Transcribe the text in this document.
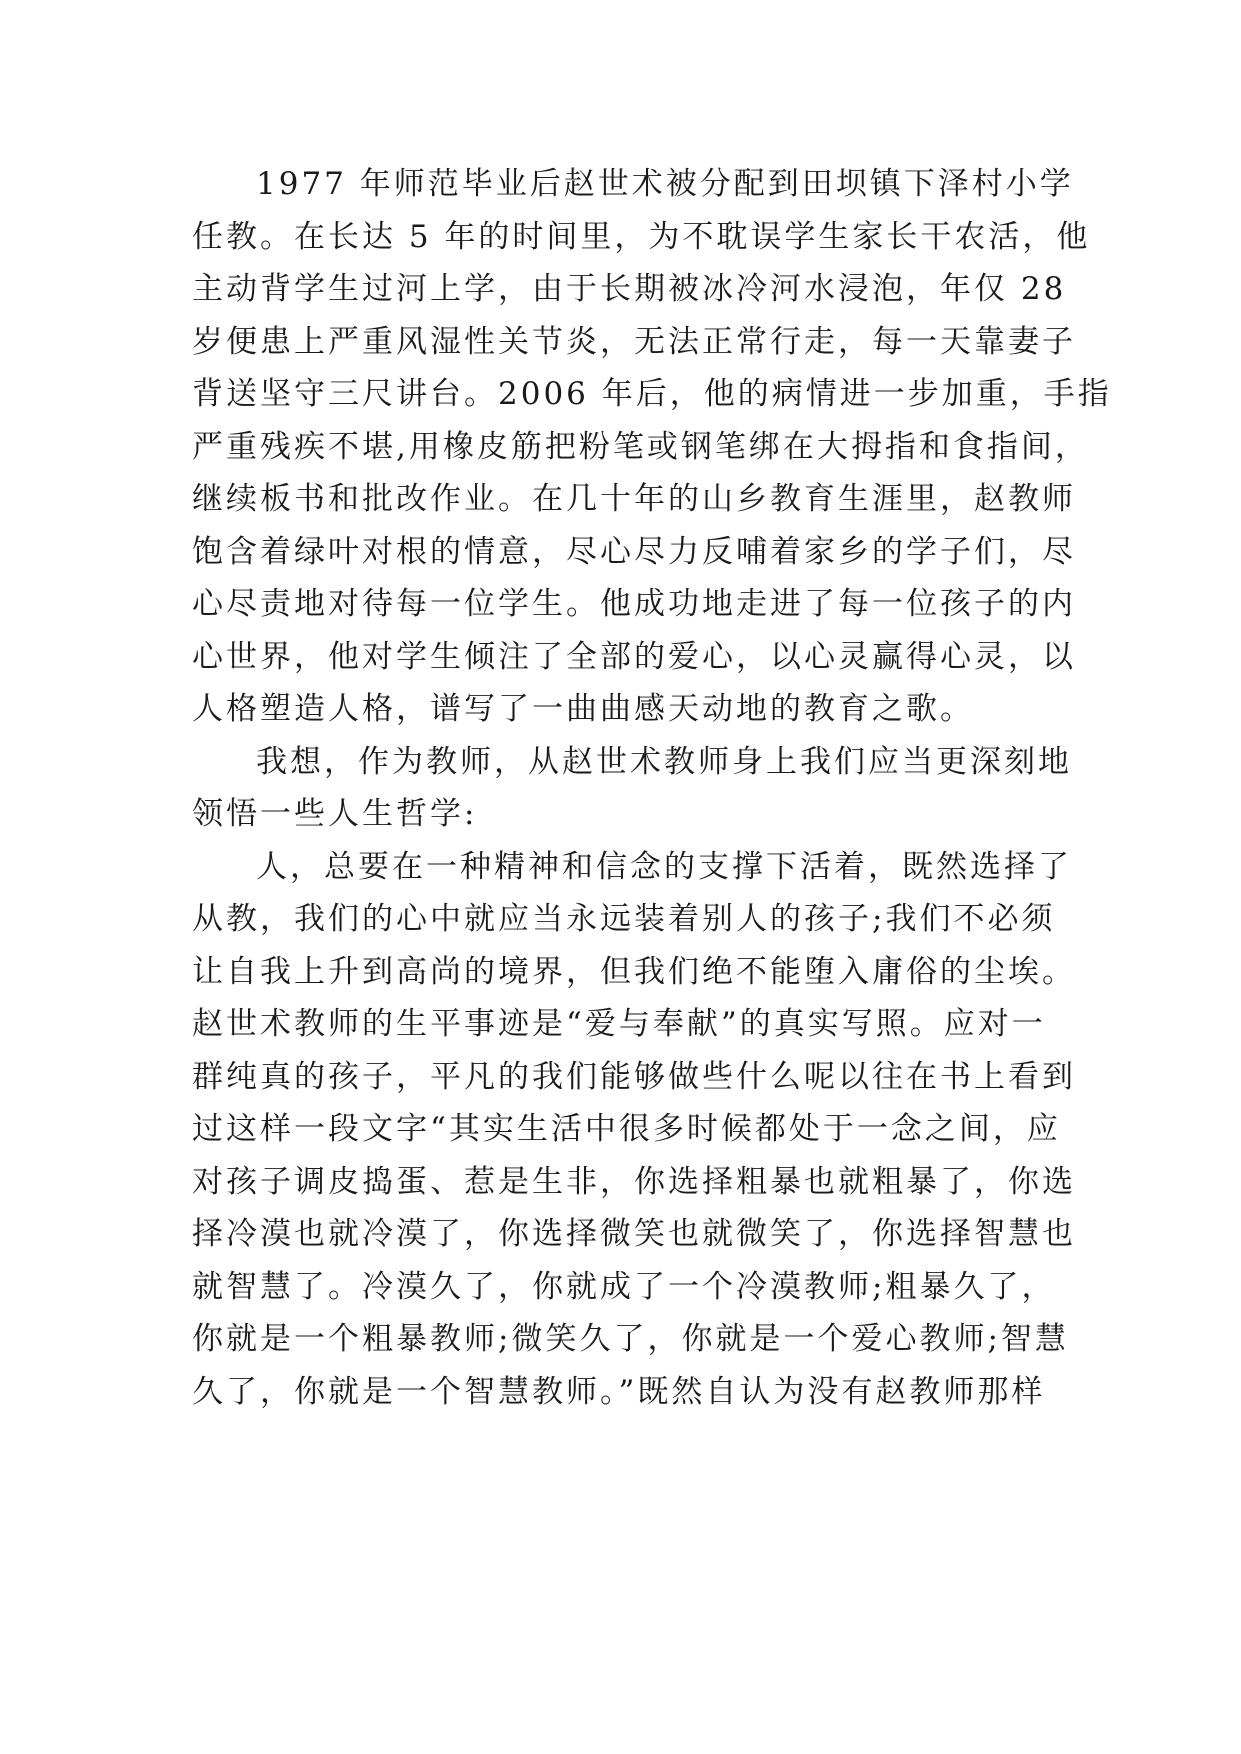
1977 年师范毕业后赵世术被分配到田坝镇下泽村小学
任教。在长达 5 年的时间里，为不耽误学生家长干农活，他
主动背学生过河上学，由于长期被冰冷河水浸泡，年仅 28
岁便患上严重风湿性关节炎，无法正常行走，每一天靠妻子
背送坚守三尺讲台。2006 年后，他的病情进一步加重，手指
严重残疾不堪,用橡皮筋把粉笔或钢笔绑在大拇指和食指间，
继续板书和批改作业。在几十年的山乡教育生涯里，赵教师
饱含着绿叶对根的情意，尽心尽力反哺着家乡的学子们，尽
心尽责地对待每一位学生。他成功地走进了每一位孩子的内
心世界，他对学生倾注了全部的爱心，以心灵赢得心灵，以
人格塑造人格，谱写了一曲曲感天动地的教育之歌。
我想，作为教师，从赵世术教师身上我们应当更深刻地
领悟一些人生哲学:
人，总要在一种精神和信念的支撑下活着，既然选择了
从教，我们的心中就应当永远装着别人的孩子;我们不必须
让自我上升到高尚的境界，但我们绝不能堕入庸俗的尘埃。
赵世术教师的生平事迹是“爱与奉献”的真实写照。应对一
群纯真的孩子，平凡的我们能够做些什么呢以往在书上看到
过这样一段文字“其实生活中很多时候都处于一念之间，应
对孩子调皮捣蛋、惹是生非，你选择粗暴也就粗暴了，你选
择冷漠也就冷漠了，你选择微笑也就微笑了，你选择智慧也
就智慧了。冷漠久了，你就成了一个冷漠教师;粗暴久了，
你就是一个粗暴教师;微笑久了，你就是一个爱心教师;智慧
久了，你就是一个智慧教师。”既然自认为没有赵教师那样
